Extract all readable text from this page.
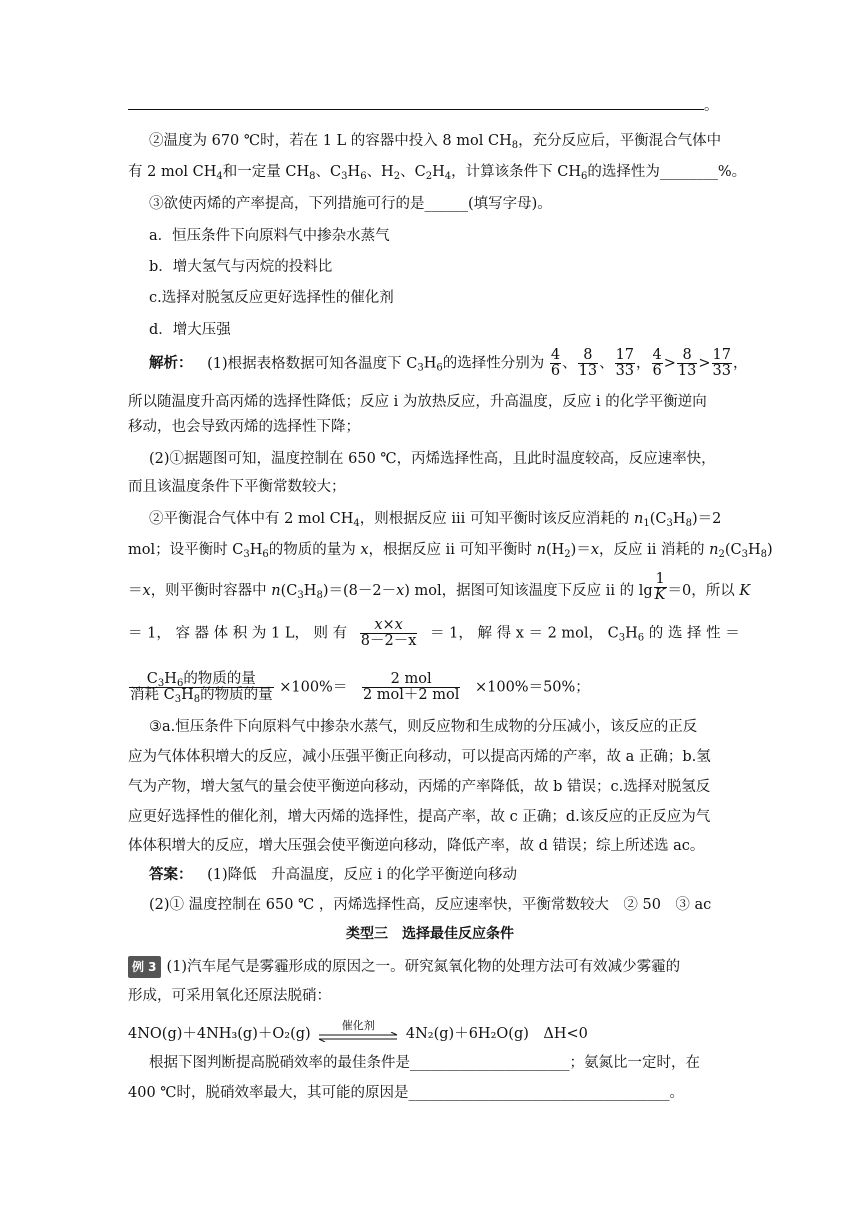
。
②温度为 670 ℃时，若在 1 L 的容器中投入 8 mol $CH_8$，充分反应后，平衡混合气体中
有 2 mol $CH_4$和一定量 $CH_8$、$C_3H_6$、$H_2$、$C_2H_4$，计算该条件下 $CH_6$的选择性为________%。
③欲使丙烯的产率提高，下列措施可行的是______(填写字母)。
a．恒压条件下向原料气中掺杂水蒸气
b．增大氢气与丙烷的投料比
c.选择对脱氢反应更好选择性的催化剂
d．增大压强
解析： (1)根据表格数据可知各温度下 $C_3H_6$的选择性分别为 $\frac{4}{6}$ 、 $\frac{8}{13}$ 、 $\frac{17}{33}$ ， $\frac{4}{6} > \frac{8}{13} > \frac{17}{33}$ ，
所以随温度升高丙烯的选择性降低；反应 i 为放热反应，升高温度，反应 i 的化学平衡逆向
移动，也会导致丙烯的选择性下降；
(2)①据题图可知，温度控制在 650 ℃，丙烯选择性高，且此时温度较高，反应速率快，
而且该温度条件下平衡常数较大；
②平衡混合气体中有 2 mol $CH_4$，则根据反应 iii 可知平衡时该反应消耗的 $n_1(C_3H_8)=2$
mol；设平衡时 $C_3H_6$的物质的量为 x，根据反应 ii 可知平衡时 $n(H_2)=x$，反应 ii 消耗的 $n_2(C_3H_8)$
＝x，则平衡时容器中 $n(C_3H_8)=(8-2-x)$ mol，据图可知该温度下反应 ii 的 $\lg \frac{1}{K} =0$，所以 K
＝ 1， 容 器 体 积 为 1 L， 则 有 $\frac{x\times x}{8-2-x} = 1$， 解 得 x ＝ 2 mol， $C_3H_6$ 的 选 择 性 ＝
$C_3H_6$的物质的量
消耗 $C_3H_8$的物质的量 ×100%＝
2 mol
2 mol＋2 mol ×100%＝50%；
③a.恒压条件下向原料气中掺杂水蒸气，则反应物和生成物的分压减小，该反应的正反
应为气体体积增大的反应，减小压强平衡正向移动，可以提高丙烯的产率，故 a 正确；b.氢
气为产物，增大氢气的量会使平衡逆向移动，丙烯的产率降低，故 b 错误；c.选择对脱氢反
应更好选择性的催化剂，增大丙烯的选择性，提高产率，故 c 正确；d.该反应的正反应为气
体体积增大的反应，增大压强会使平衡逆向移动，降低产率，故 d 错误；综上所述选 ac。
答案： (1)降低　升高温度，反应 i 的化学平衡逆向移动
(2)① 温度控制在 650 ℃ ，丙烯选择性高，反应速率快，平衡常数较大　② 50　③ ac
类型三　选择最佳反应条件
例 3 (1)汽车尾气是雾霾形成的原因之一。研究氮氧化物的处理方法可有效减少雾霾的
形成，可采用氧化还原法脱硝：
4NO(g)＋4NH₃(g)＋O₂(g)
催化剂
4N₂(g)＋6H₂O(g)　ΔH<0
根据下图判断提高脱硝效率的最佳条件是______________________；氨氮比一定时，在
400 ℃时，脱硝效率最大，其可能的原因是____________________________________。
